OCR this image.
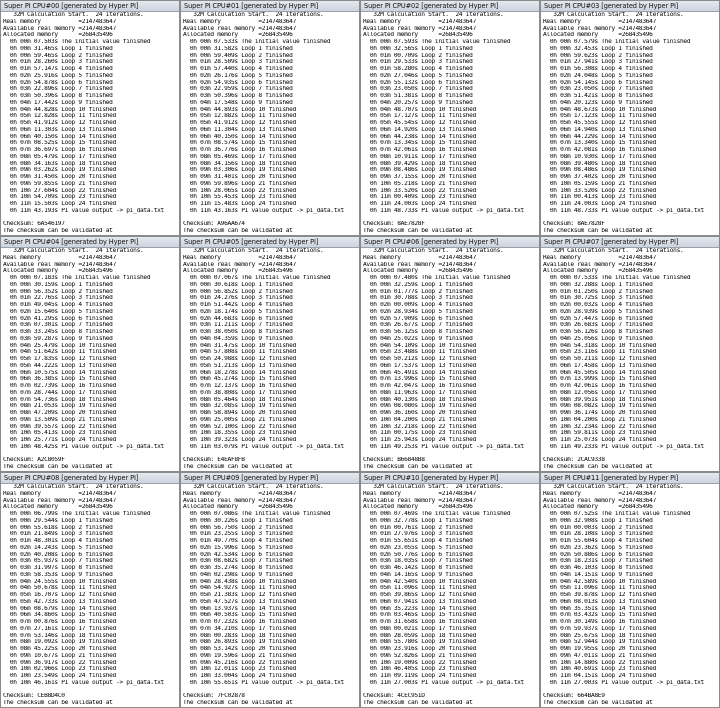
Super PI CPU#00 [generated by Hyper PI]
32M Calculation Start.  24 iterations.
Real memory           =2147483647
Available real memory =2147483647
Allocated memory      =268435496
0h 00m 07.503s The initial value finished
0h 00m 31.465s Loop 1 finished
0h 00m 59.465s Loop 2 finished
0h 01m 28.260s Loop 3 finished
0h 01m 57.147s Loop 4 finished
0h 02m 25.916s Loop 5 finished
0h 02m 54.878s Loop 6 finished
0h 03m 22.896s Loop 7 finished
0h 03m 50.396s Loop 8 finished
0h 04m 17.442s Loop 9 finished
0h 04m 44.828s Loop 10 finished
0h 05m 12.828s Loop 11 finished
0h 05m 41.912s Loop 12 finished
0h 06m 11.303s Loop 13 finished
0h 06m 40.150s Loop 14 finished
0h 07m 08.525s Loop 15 finished
0h 07m 36.697s Loop 16 finished
0h 08m 05.479s Loop 17 finished
0h 08m 34.163s Loop 18 finished
0h 09m 03.262s Loop 19 finished
0h 09m 31.450s Loop 20 finished
0h 09m 59.855s Loop 21 finished
0h 10m 27.604s Loop 22 finished
0h 10m 54.709s Loop 23 finished
0h 11m 15.503s Loop 24 finished
0h 11m 43.193s PI value output -> pi_data.txt
Checksum: 6A546197
The checksum can be validated at
Super PI CPU#01 [generated by Hyper PI]
32M Calculation Start.  24 iterations.
Real memory           =2147483647
Available real memory =2147483647
Allocated memory      =268435496
0h 00m 07.533s The initial value finished
0h 00m 31.582s Loop 1 finished
0h 00m 59.409s Loop 2 finished
0h 01m 28.509s Loop 3 finished
0h 01m 57.440s Loop 4 finished
0h 02m 26.176s Loop 5 finished
0h 02m 54.935s Loop 6 finished
0h 03m 22.959s Loop 7 finished
0h 03m 50.396s Loop 8 finished
0h 04m 17.548s Loop 9 finished
0h 04m 44.893s Loop 10 finished
0h 05m 12.882s Loop 11 finished
0h 05m 41.912s Loop 12 finished
0h 06m 11.304s Loop 13 finished
0h 06m 40.150s Loop 14 finished
0h 07m 08.574s Loop 15 finished
0h 07m 36.776s Loop 16 finished
0h 08m 05.469s Loop 17 finished
0h 08m 34.156s Loop 18 finished
0h 09m 03.306s Loop 19 finished
0h 09m 31.401s Loop 20 finished
0h 09m 59.896s Loop 21 finished
0h 10m 28.065s Loop 22 finished
0h 10m 55.453s Loop 23 finished
0h 11m 15.483s Loop 24 finished
0h 11m 43.163s PI value output -> pi_data.txt
Checksum: A96AA674
The checksum can be validated at
Super PI CPU#02 [generated by Hyper PI]
32M Calculation Start.  24 iterations.
Real memory           =2147483647
Available real memory =2147483647
Allocated memory      =268435496
0h 00m 07.593s The initial value finished
0h 00m 32.565s Loop 1 finished
0h 01m 00.709s Loop 2 finished
0h 01m 29.533s Loop 3 finished
0h 01m 58.280s Loop 4 finished
0h 02m 27.046s Loop 5 finished
0h 02m 55.132s Loop 6 finished
0h 03m 23.050s Loop 7 finished
0h 03m 51.381s Loop 8 finished
0h 04m 20.257s Loop 9 finished
0h 04m 48.707s Loop 10 finished
0h 05m 17.127s Loop 11 finished
0h 05m 45.545s Loop 12 finished
0h 06m 14.920s Loop 13 finished
0h 06m 44.238s Loop 14 finished
0h 07m 13.345s Loop 15 finished
0h 07m 42.061s Loop 16 finished
0h 08m 10.911s Loop 17 finished
0h 08m 39.429s Loop 18 finished
0h 09m 08.486s Loop 19 finished
0h 09m 37.155s Loop 20 finished
0h 10m 05.218s Loop 21 finished
0h 10m 33.520s Loop 22 finished
0h 11m 00.409s Loop 23 finished
0h 11m 24.003s Loop 24 finished
0h 11m 48.733s PI value output -> pi_data.txt
Checksum: 8AE7828F
The checksum can be validated at
Super PI CPU#03 [generated by Hyper PI]
32M Calculation Start.  24 iterations.
Real memory           =2147483647
Available real memory =2147483647
Allocated memory      =268435496
0h 00m 07.579s The initial value finished
0h 00m 32.453s Loop 1 finished
0h 00m 59.623s Loop 2 finished
0h 01m 27.941s Loop 3 finished
0h 01m 56.308s Loop 4 finished
0h 02m 24.048s Loop 5 finished
0h 02m 54.145s Loop 6 finished
0h 03m 23.050s Loop 7 finished
0h 03m 51.421s Loop 8 finished
0h 04m 20.123s Loop 9 finished
0h 04m 48.673s Loop 10 finished
0h 05m 17.123s Loop 11 finished
0h 05m 45.555s Loop 12 finished
0h 06m 14.940s Loop 13 finished
0h 06m 44.229s Loop 14 finished
0h 07m 13.340s Loop 15 finished
0h 07m 42.081s Loop 16 finished
0h 08m 10.930s Loop 17 finished
0h 08m 39.480s Loop 18 finished
0h 09m 08.486s Loop 19 finished
0h 09m 37.402s Loop 20 finished
0h 10m 05.159s Loop 21 finished
0h 10m 33.520s Loop 22 finished
0h 11m 00.413s Loop 23 finished
0h 11m 24.003s Loop 24 finished
0h 11m 48.733s PI value output -> pi_data.txt
Checksum: 8AE7828F
The checksum can be validated at
Super PI CPU#04 [generated by Hyper PI]
32M Calculation Start.  24 iterations.
Real memory           =2147483647
Available real memory =2147483647
Allocated memory      =268435496
0h 00m 07.183s The initial value finished
0h 00m 30.159s Loop 1 finished
0h 00m 56.352s Loop 2 finished
0h 01m 22.765s Loop 3 finished
0h 01m 49.045s Loop 4 finished
0h 02m 15.640s Loop 5 finished
0h 02m 41.295s Loop 6 finished
0h 03m 07.301s Loop 7 finished
0h 03m 33.245s Loop 8 finished
0h 03m 59.287s Loop 9 finished
0h 04m 25.479s Loop 10 finished
0h 04m 51.642s Loop 11 finished
0h 05m 17.835s Loop 12 finished
0h 05m 44.222s Loop 13 finished
0h 06m 10.575s Loop 14 finished
0h 06m 36.385s Loop 15 finished
0h 07m 02.739s Loop 16 finished
0h 07m 28.744s Loop 17 finished
0h 07m 54.736s Loop 18 finished
0h 08m 21.053s Loop 19 finished
0h 08m 47.209s Loop 20 finished
0h 09m 13.509s Loop 21 finished
0h 09m 39.557s Loop 22 finished
0h 10m 05.413s Loop 23 finished
0h 10m 25.771s Loop 24 finished
0h 10m 48.425s PI value output -> pi_data.txt
Checksum: A2C8059F
The checksum can be validated at
Super PI CPU#05 [generated by Hyper PI]
32M Calculation Start.  24 iterations.
Real memory           =2147483647
Available real memory =2147483647
Allocated memory      =268435496
0h 00m 07.067s The initial value finished
0h 00m 30.618s Loop 1 finished
0h 00m 56.852s Loop 2 finished
0h 01m 24.276s Loop 3 finished
0h 01m 51.442s Loop 4 finished
0h 02m 18.174s Loop 5 finished
0h 02m 44.683s Loop 6 finished
0h 03m 11.211s Loop 7 finished
0h 03m 38.050s Loop 8 finished
0h 04m 04.359s Loop 9 finished
0h 04m 31.475s Loop 10 finished
0h 04m 57.808s Loop 11 finished
0h 05m 24.988s Loop 12 finished
0h 05m 51.213s Loop 13 finished
0h 06m 18.278s Loop 14 finished
0h 06m 45.274s Loop 15 finished
0h 07m 12.137s Loop 16 finished
0h 07m 38.808s Loop 17 finished
0h 08m 05.464s Loop 18 finished
0h 08m 32.085s Loop 19 finished
0h 08m 58.894s Loop 20 finished
0h 09m 25.005s Loop 21 finished
0h 09m 52.100s Loop 22 finished
0h 10m 18.355s Loop 23 finished
0h 10m 39.323s Loop 24 finished
0h 11m 03.079s PI value output -> pi_data.txt
Checksum: E4EAF8FB
The checksum can be validated at
Super PI CPU#06 [generated by Hyper PI]
32M Calculation Start.  24 iterations.
Real memory           =2147483647
Available real memory =2147483647
Allocated memory      =268435496
0h 00m 07.480s The initial value finished
0h 00m 32.259s Loop 1 finished
0h 01m 01.777s Loop 2 finished
0h 01m 30.788s Loop 3 finished
0h 02m 00.009s Loop 4 finished
0h 02m 28.934s Loop 5 finished
0h 02m 57.909s Loop 6 finished
0h 03m 26.677s Loop 7 finished
0h 03m 56.125s Loop 8 finished
0h 04m 25.022s Loop 9 finished
0h 04m 54.109s Loop 10 finished
0h 05m 23.488s Loop 11 finished
0h 05m 50.212s Loop 12 finished
0h 06m 17.537s Loop 13 finished
0h 06m 45.491s Loop 14 finished
0h 07m 13.996s Loop 15 finished
0h 07m 42.047s Loop 16 finished
0h 08m 11.963s Loop 17 finished
0h 08m 40.130s Loop 18 finished
0h 09m 08.080s Loop 19 finished
0h 09m 36.160s Loop 20 finished
0h 10m 04.200s Loop 21 finished
0h 10m 32.218s Loop 22 finished
0h 11m 00.175s Loop 23 finished
0h 11m 25.943s Loop 24 finished
0h 11m 49.253s PI value output -> pi_data.txt
Checksum: B66848B8
The checksum can be validated at
Super PI CPU#07 [generated by Hyper PI]
32M Calculation Start.  24 iterations.
Real memory           =2147483647
Available real memory =2147483647
Allocated memory      =268435496
0h 00m 07.533s The initial value finished
0h 00m 32.288s Loop 1 finished
0h 01m 01.250s Loop 2 finished
0h 01m 30.725s Loop 3 finished
0h 02m 00.032s Loop 4 finished
0h 02m 28.939s Loop 5 finished
0h 02m 57.447s Loop 6 finished
0h 03m 26.683s Loop 7 finished
0h 03m 56.126s Loop 8 finished
0h 04m 25.056s Loop 9 finished
0h 04m 54.318s Loop 10 finished
0h 05m 23.116s Loop 11 finished
0h 05m 50.211s Loop 12 finished
0h 06m 17.458s Loop 13 finished
0h 06m 45.505s Loop 14 finished
0h 07m 13.999s Loop 15 finished
0h 07m 42.061s Loop 16 finished
0h 08m 12.056s Loop 17 finished
0h 08m 39.951s Loop 18 finished
0h 09m 08.082s Loop 19 finished
0h 09m 36.174s Loop 20 finished
0h 10m 04.200s Loop 21 finished
0h 10m 32.234s Loop 22 finished
0h 10m 59.811s Loop 23 finished
0h 11m 25.073s Loop 24 finished
0h 11m 49.233s PI value output -> pi_data.txt
Checksum: 2CAC9338
The checksum can be validated at
Super PI CPU#08 [generated by Hyper PI]
32M Calculation Start.  24 iterations.
Real memory           =2147483647
Available real memory =2147483647
Allocated memory      =268435496
0h 00m 06.799s The initial value finished
0h 00m 29.544s Loop 1 finished
0h 00m 55.618s Loop 2 finished
0h 01m 21.849s Loop 3 finished
0h 01m 48.301s Loop 4 finished
0h 02m 14.243s Loop 5 finished
0h 02m 40.208s Loop 6 finished
0h 03m 05.937s Loop 7 finished
0h 03m 31.997s Loop 8 finished
0h 03m 58.353s Loop 9 finished
0h 04m 24.555s Loop 10 finished
0h 04m 50.678s Loop 11 finished
0h 05m 16.707s Loop 12 finished
0h 05m 42.733s Loop 13 finished
0h 06m 08.679s Loop 14 finished
0h 06m 34.860s Loop 15 finished
0h 07m 00.876s Loop 16 finished
0h 07m 27.161s Loop 17 finished
0h 07m 53.146s Loop 18 finished
0h 08m 19.092s Loop 19 finished
0h 08m 45.225s Loop 20 finished
0h 09m 10.677s Loop 21 finished
0h 09m 36.917s Loop 22 finished
0h 10m 02.966s Loop 23 finished
0h 10m 23.549s Loop 24 finished
0h 10m 46.161s PI value output -> pi_data.txt
Checksum: CEB8D4C0
The checksum can be validated at
Super PI CPU#09 [generated by Hyper PI]
32M Calculation Start.  24 iterations.
Real memory           =2147483647
Available real memory =2147483647
Allocated memory      =268435496
0h 00m 07.086s The initial value finished
0h 00m 30.226s Loop 1 finished
0h 00m 56.750s Loop 2 finished
0h 01m 23.255s Loop 3 finished
0h 01m 49.770s Loop 4 finished
0h 02m 15.996s Loop 5 finished
0h 02m 42.534s Loop 6 finished
0h 03m 08.682s Loop 7 finished
0h 03m 35.274s Loop 8 finished
0h 04m 02.298s Loop 9 finished
0h 04m 28.438s Loop 10 finished
0h 04m 54.927s Loop 11 finished
0h 05m 21.383s Loop 12 finished
0h 05m 47.527s Loop 13 finished
0h 06m 13.937s Loop 14 finished
0h 06m 40.503s Loop 15 finished
0h 07m 07.232s Loop 16 finished
0h 07m 34.210s Loop 17 finished
0h 08m 00.283s Loop 18 finished
0h 08m 26.893s Loop 19 finished
0h 08m 53.142s Loop 20 finished
0h 09m 19.596s Loop 21 finished
0h 09m 45.216s Loop 22 finished
0h 10m 12.011s Loop 23 finished
0h 10m 33.004s Loop 24 finished
0h 10m 55.651s PI value output -> pi_data.txt
Checksum: 7FC02878
The checksum can be validated at
Super PI CPU#10 [generated by Hyper PI]
32M Calculation Start.  24 iterations.
Real memory           =2147483647
Available real memory =2147483647
Allocated memory      =268435496
0h 00m 07.469s The initial value finished
0h 00m 32.778s Loop 1 finished
0h 01m 00.761s Loop 2 finished
0h 01m 27.976s Loop 3 finished
0h 01m 55.651s Loop 4 finished
0h 02m 23.055s Loop 5 finished
0h 02m 50.776s Loop 6 finished
0h 03m 18.035s Loop 7 finished
0h 03m 46.142s Loop 8 finished
0h 04m 14.165s Loop 9 finished
0h 04m 42.540s Loop 10 finished
0h 05m 11.096s Loop 11 finished
0h 05m 39.865s Loop 12 finished
0h 06m 07.941s Loop 13 finished
0h 06m 35.223s Loop 14 finished
0h 07m 03.465s Loop 15 finished
0h 07m 31.658s Loop 16 finished
0h 08m 00.021s Loop 17 finished
0h 08m 28.059s Loop 18 finished
0h 08m 55.780s Loop 19 finished
0h 09m 23.916s Loop 20 finished
0h 09m 52.826s Loop 21 finished
0h 10m 19.009s Loop 22 finished
0h 10m 46.405s Loop 23 finished
0h 11m 09.119s Loop 24 finished
0h 11m 27.003s PI value output -> pi_data.txt
Checksum: 4CEC951D
The checksum can be validated at
Super PI CPU#11 [generated by Hyper PI]
32M Calculation Start.  24 iterations.
Real memory           =2147483647
Available real memory =2147483647
Allocated memory      =268435496
0h 00m 07.525s The initial value finished
0h 00m 32.908s Loop 1 finished
0h 01m 00.003s Loop 2 finished
0h 01m 28.108s Loop 3 finished
0h 01m 55.604s Loop 4 finished
0h 02m 23.362s Loop 5 finished
0h 02m 50.886s Loop 6 finished
0h 03m 18.231s Loop 7 finished
0h 03m 46.103s Loop 8 finished
0h 04m 14.151s Loop 9 finished
0h 04m 42.589s Loop 10 finished
0h 05m 11.096s Loop 11 finished
0h 05m 39.878s Loop 12 finished
0h 06m 08.013s Loop 13 finished
0h 06m 35.351s Loop 14 finished
0h 07m 03.432s Loop 15 finished
0h 07m 30.149s Loop 16 finished
0h 07m 59.937s Loop 17 finished
0h 08m 25.675s Loop 18 finished
0h 08m 52.944s Loop 19 finished
0h 09m 19.955s Loop 20 finished
0h 09m 47.011s Loop 21 finished
0h 10m 14.880s Loop 22 finished
0h 10m 40.691s Loop 23 finished
0h 11m 04.151s Loop 24 finished
0h 11m 27.003s PI value output -> pi_data.txt
Checksum: 664BA8E9
The checksum can be validated at
